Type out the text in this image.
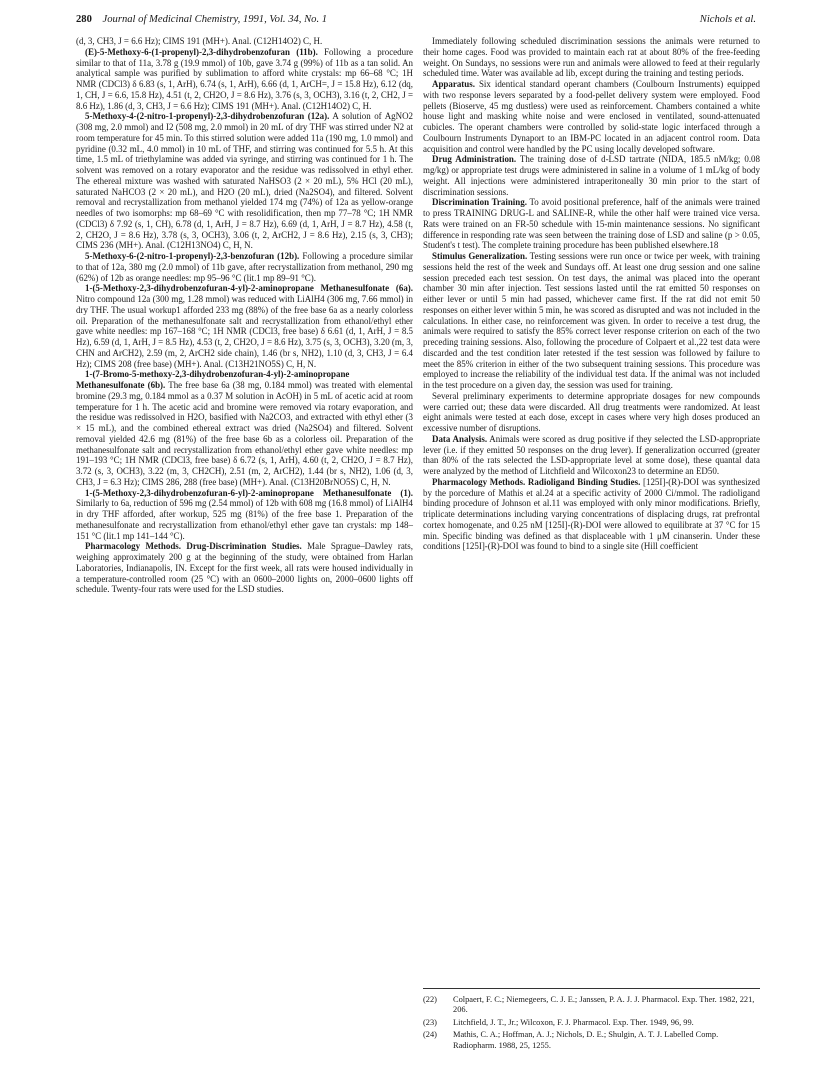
280 Journal of Medicinal Chemistry, 1991, Vol. 34, No. 1	Nichols et al.

(d, 3, CH3, J = 6.6 Hz); CIMS 191 (MH+). Anal. (C12H14O2) C, H.

(E)-5-Methoxy-6-(1-propenyl)-2,3-dihydrobenzofuran (11b). Following a procedure similar to that of 11a, 3.78 g (19.9 mmol) of 10b, gave 3.74 g (99%) of 11b as a tan solid. An analytical sample was purified by sublimation to afford white crystals: mp 66–68 °C; 1H NMR (CDCl3) δ 6.83 (s, 1, ArH), 6.74 (s, 1, ArH), 6.66 (d, 1, ArCH=, J = 15.8 Hz), 6.12 (dq, 1, CH, J = 6.6, 15.8 Hz), 4.51 (t, 2, CH2O, J = 8.6 Hz), 3.76 (s, 3, OCH3), 3.16 (t, 2, CH2, J = 8.6 Hz), 1.86 (d, 3, CH3, J = 6.6 Hz); CIMS 191 (MH+). Anal. (C12H14O2) C, H.

5-Methoxy-4-(2-nitro-1-propenyl)-2,3-dihydrobenzofuran (12a). A solution of AgNO2 (308 mg, 2.0 mmol) and I2 (508 mg, 2.0 mmol) in 20 mL of dry THF was stirred under N2 at room temperature for 45 min. To this stirred solution were added 11a (190 mg, 1.0 mmol) and pyridine (0.32 mL, 4.0 mmol) in 10 mL of THF, and stirring was continued for 5.5 h. At this time, 1.5 mL of triethylamine was added via syringe, and stirring was continued for 1 h. The solvent was removed on a rotary evaporator and the residue was redissolved in ethyl ether. The ethereal mixture was washed with saturated NaHSO3 (2 × 20 mL), 5% HCl (20 mL), saturated NaHCO3 (2 × 20 mL), and H2O (20 mL), dried (Na2SO4), and filtered. Solvent removal and recrystallization from methanol yielded 174 mg (74%) of 12a as yellow-orange needles of two isomorphs: mp 68–69 °C with resolidification, then mp 77–78 °C; 1H NMR (CDCl3) δ 7.92 (s, 1, CH), 6.78 (d, 1, ArH, J = 8.7 Hz), 6.69 (d, 1, ArH, J = 8.7 Hz), 4.58 (t, 2, CH2O, J = 8.6 Hz), 3.78 (s, 3, OCH3), 3.06 (t, 2, ArCH2, J = 8.6 Hz), 2.15 (s, 3, CH3); CIMS 236 (MH+). Anal. (C12H13NO4) C, H, N.

5-Methoxy-6-(2-nitro-1-propenyl)-2,3-benzofuran (12b). Following a procedure similar to that of 12a, 380 mg (2.0 mmol) of 11b gave, after recrystallization from methanol, 290 mg (62%) of 12b as orange needles: mp 95–96 °C (lit.1 mp 89–91 °C).

1-(5-Methoxy-2,3-dihydrobenzofuran-4-yl)-2-aminopropane Methanesulfonate (6a). Nitro compound 12a (300 mg, 1.28 mmol) was reduced with LiAlH4 (306 mg, 7.66 mmol) in dry THF. The usual workup1 afforded 233 mg (88%) of the free base 6a as a nearly colorless oil. Preparation of the methanesulfonate salt and recrystallization from ethanol/ethyl ether gave white needles: mp 167–168 °C; 1H NMR (CDCl3, free base) δ 6.61 (d, 1, ArH, J = 8.5 Hz), 6.59 (d, 1, ArH, J = 8.5 Hz), 4.53 (t, 2, CH2O, J = 8.6 Hz), 3.75 (s, 3, OCH3), 3.20 (m, 3, CHN and ArCH2), 2.59 (m, 2, ArCH2 side chain), 1.46 (br s, NH2), 1.10 (d, 3, CH3, J = 6.4 Hz); CIMS 208 (free base) (MH+). Anal. (C13H21NO5S) C, H, N.

1-(7-Bromo-5-methoxy-2,3-dihydrobenzofuran-4-yl)-2-aminopropane Methanesulfonate (6b). The free base 6a (38 mg, 0.184 mmol) was treated with elemental bromine (29.3 mg, 0.184 mmol as a 0.37 M solution in AcOH) in 5 mL of acetic acid at room temperature for 1 h. The acetic acid and bromine were removed via rotary evaporation, and the residue was redissolved in H2O, basified with Na2CO3, and extracted with ethyl ether (3 × 15 mL), and the combined ethereal extract was dried (Na2SO4) and filtered. Solvent removal yielded 42.6 mg (81%) of the free base 6b as a colorless oil. Preparation of the methanesulfonate salt and recrystallization from ethanol/ethyl ether gave white needles: mp 191–193 °C; 1H NMR (CDCl3, free base) δ 6.72 (s, 1, ArH), 4.60 (t, 2, CH2O, J = 8.7 Hz), 3.72 (s, 3, OCH3), 3.22 (m, 3, CH2CH), 2.51 (m, 2, ArCH2), 1.44 (br s, NH2), 1.06 (d, 3, CH3, J = 6.3 Hz); CIMS 286, 288 (free base) (MH+). Anal. (C13H20BrNO5S) C, H, N.

1-(5-Methoxy-2,3-dihydrobenzofuran-6-yl)-2-aminopropane Methanesulfonate (1). Similarly to 6a, reduction of 596 mg (2.54 mmol) of 12b with 608 mg (16.8 mmol) of LiAlH4 in dry THF afforded, after workup, 525 mg (81%) of the free base 1. Preparation of the methanesulfonate and recrystallization from ethanol/ethyl ether gave tan crystals: mp 148–151 °C (lit.1 mp 141–144 °C).

Pharmacology Methods. Drug-Discrimination Studies. Male Sprague–Dawley rats, weighing approximately 200 g at the beginning of the study, were obtained from Harlan Laboratories, Indianapolis, IN. Except for the first week, all rats were housed individually in a temperature-controlled room (25 °C) with an 0600–2000 lights on, 2000–0600 lights off schedule. Twenty-four rats were used for the LSD studies.

Immediately following scheduled discrimination sessions the animals were returned to their home cages. Food was provided to maintain each rat at about 80% of the free-feeding weight. On Sundays, no sessions were run and animals were allowed to feed at their regularly scheduled time. Water was available ad lib, except during the training and testing periods.

Apparatus. Six identical standard operant chambers (Coulbourn Instruments) equipped with two response levers separated by a food-pellet delivery system were employed. Food pellets (Bioserve, 45 mg dustless) were used as reinforcement. Chambers contained a white house light and masking white noise and were enclosed in ventilated, sound-attenuated cubicles. The operant chambers were controlled by solid-state logic interfaced through a Coulbourn Instruments Dynaport to an IBM-PC located in an adjacent control room. Data acquisition and control were handled by the PC using locally developed software.

Drug Administration. The training dose of d-LSD tartrate (NIDA, 185.5 nM/kg; 0.08 mg/kg) or appropriate test drugs were administered in saline in a volume of 1 mL/kg of body weight. All injections were administered intraperitoneally 30 min prior to the start of discrimination sessions.

Discrimination Training. To avoid positional preference, half of the animals were trained to press TRAINING DRUG-L and SALINE-R, while the other half were trained vice versa. Rats were trained on an FR-50 schedule with 15-min maintenance sessions. No significant difference in responding rate was seen between the training dose of LSD and saline (p > 0.05, Student's t test). The complete training procedure has been published elsewhere.18

Stimulus Generalization. Testing sessions were run once or twice per week, with training sessions held the rest of the week and Sundays off. At least one drug session and one saline session preceded each test session. On test days, the animal was placed into the operant chamber 30 min after injection. Test sessions lasted until the rat emitted 50 responses on either lever or until 5 min had passed, whichever came first. If the rat did not emit 50 responses on either lever within 5 min, he was scored as disrupted and was not included in the calculations. In either case, no reinforcement was given. In order to receive a test drug, the animals were required to satisfy the 85% correct lever response criterion on each of the two preceding training sessions. Also, following the procedure of Colpaert et al.,22 test data were discarded and the test condition later retested if the test session was followed by failure to meet the 85% criterion in either of the two subsequent training sessions. This procedure was employed to increase the reliability of the individual test data. If the animal was not included in the test procedure on a given day, the session was used for training.

Several preliminary experiments to determine appropriate dosages for new compounds were carried out; these data were discarded. All drug treatments were randomized. At least eight animals were tested at each dose, except in cases where very high doses produced an excessive number of disruptions.

Data Analysis. Animals were scored as drug positive if they selected the LSD-appropriate lever (i.e. if they emitted 50 responses on the drug lever). If generalization occurred (greater than 80% of the rats selected the LSD-appropriate level at some dose), these quantal data were analyzed by the method of Litchfield and Wilcoxon23 to determine an ED50.

Pharmacology Methods. Radioligand Binding Studies. [125I]-(R)-DOI was synthesized by the porcedure of Mathis et al.24 at a specific activity of 2000 Ci/mmol. The radioligand binding procedure of Johnson et al.11 was employed with only minor modifications. Briefly, triplicate determinations including varying concentrations of displacing drugs, rat prefrontal cortex homogenate, and 0.25 nM [125I]-(R)-DOI were allowed to equilibrate at 37 °C for 15 min. Specific binding was defined as that displaceable with 1 μM cinanserin. Under these conditions [125I]-(R)-DOI was found to bind to a single site (Hill coefficient

(22)	Colpaert, F. C.; Niemegeers, C. J. E.; Janssen, P. A. J. J. Pharmacol. Exp. Ther. 1982, 221, 206.
(23)	Litchfield, J. T., Jr.; Wilcoxon, F. J. Pharmacol. Exp. Ther. 1949, 96, 99.
(24)	Mathis, C. A.; Hoffman, A. J.; Nichols, D. E.; Shulgin, A. T. J. Labelled Comp. Radiopharm. 1988, 25, 1255.
